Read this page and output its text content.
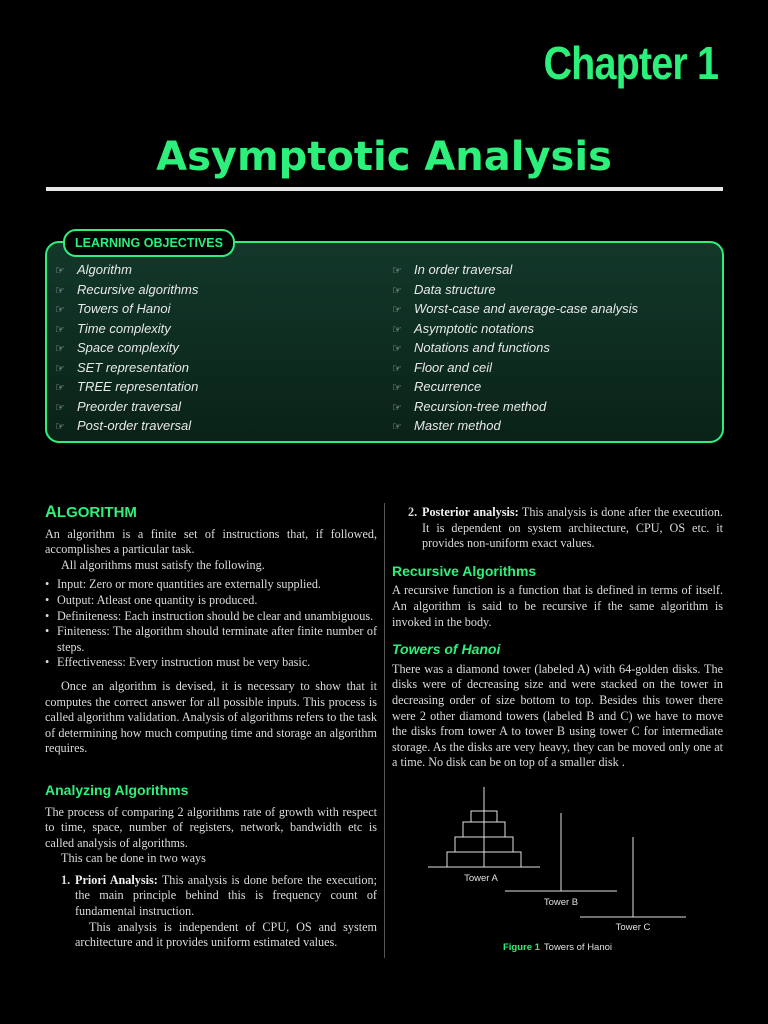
Chapter 1
Asymptotic Analysis
LEARNING OBJECTIVES
☞ Algorithm
☞ Recursive algorithms
☞ Towers of Hanoi
☞ Time complexity
☞ Space complexity
☞ SET representation
☞ TREE representation
☞ Preorder traversal
☞ Post-order traversal
☞ In order traversal
☞ Data structure
☞ Worst-case and average-case analysis
☞ Asymptotic notations
☞ Notations and functions
☞ Floor and ceil
☞ Recurrence
☞ Recursion-tree method
☞ Master method
ALGORITHM

An algorithm is a finite set of instructions that, if followed, accomplishes a particular task.

All algorithms must satisfy the following.

• Input: Zero or more quantities are externally supplied.
• Output: Atleast one quantity is produced.
• Definiteness: Each instruction should be clear and unambiguous.
• Finiteness: The algorithm should terminate after finite number of steps.
• Effectiveness: Every instruction must be very basic.

Once an algorithm is devised, it is necessary to show that it computes the correct answer for all possible inputs. This process is called algorithm validation. Analysis of algorithms refers to the task of determining how much computing time and storage an algorithm requires.

Analyzing Algorithms

The process of comparing 2 algorithms rate of growth with respect to time, space, number of registers, network, bandwidth etc is called analysis of algorithms.

This can be done in two ways

1. Priori Analysis: This analysis is done before the execution; the main principle behind this is frequency count of fundamental instruction.
This analysis is independent of CPU, OS and system architecture and it provides uniform estimated values.
2. Posterior analysis: This analysis is done after the execution. It is dependent on system architecture, CPU, OS etc. it provides non-uniform exact values.
Recursive Algorithms

A recursive function is a function that is defined in terms of itself. An algorithm is said to be recursive if the same algorithm is invoked in the body.

Towers of Hanoi

There was a diamond tower (labeled A) with 64-golden disks. The disks were of decreasing size and were stacked on the tower in decreasing order of size bottom to top. Besides this tower there were 2 other diamond towers (labeled B and C) we have to move the disks from tower A to tower B using tower C for intermediate storage. As the disks are very heavy, they can be moved only one at a time. No disk can be on top of a smaller disk .

Tower A
Tower B
Tower C
Figure 1 Towers of Hanoi
